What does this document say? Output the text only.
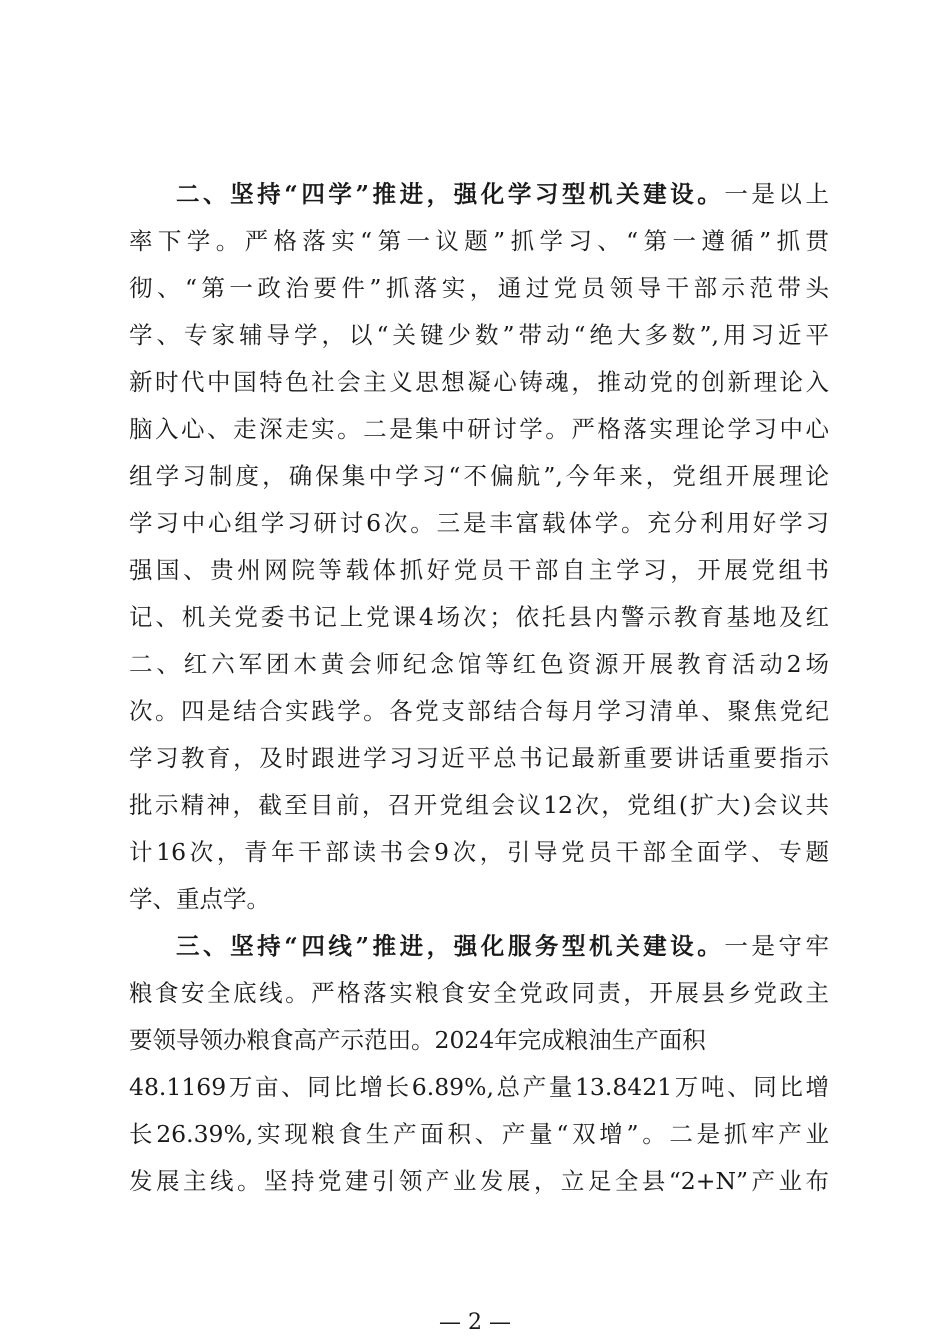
二、坚持“四学”推进，强化学习型机关建设。一是以上
率下学。严格落实“第一议题”抓学习、“第一遵循”抓贯
彻、“第一政治要件”抓落实，通过党员领导干部示范带头
学、专家辅导学，以“关键少数”带动“绝大多数”,用习近平
新时代中国特色社会主义思想凝心铸魂，推动党的创新理论入
脑入心、走深走实。二是集中研讨学。严格落实理论学习中心
组学习制度，确保集中学习“不偏航”,今年来，党组开展理论
学习中心组学习研讨6次。三是丰富载体学。充分利用好学习
强国、贵州网院等载体抓好党员干部自主学习，开展党组书
记、机关党委书记上党课4场次；依托县内警示教育基地及红
二、红六军团木黄会师纪念馆等红色资源开展教育活动2场
次。四是结合实践学。各党支部结合每月学习清单、聚焦党纪
学习教育，及时跟进学习习近平总书记最新重要讲话重要指示
批示精神，截至目前，召开党组会议12次，党组(扩大)会议共
计16次，青年干部读书会9次，引导党员干部全面学、专题
学、重点学。
三、坚持“四线”推进，强化服务型机关建设。一是守牢
粮食安全底线。严格落实粮食安全党政同责，开展县乡党政主
要领导领办粮食高产示范田。2024年完成粮油生产面积
48.1169万亩、同比增长6.89%,总产量13.8421万吨、同比增
长26.39%,实现粮食生产面积、产量“双增”。二是抓牢产业
发展主线。坚持党建引领产业发展，立足全县“2+N”产业布
— 2 —
